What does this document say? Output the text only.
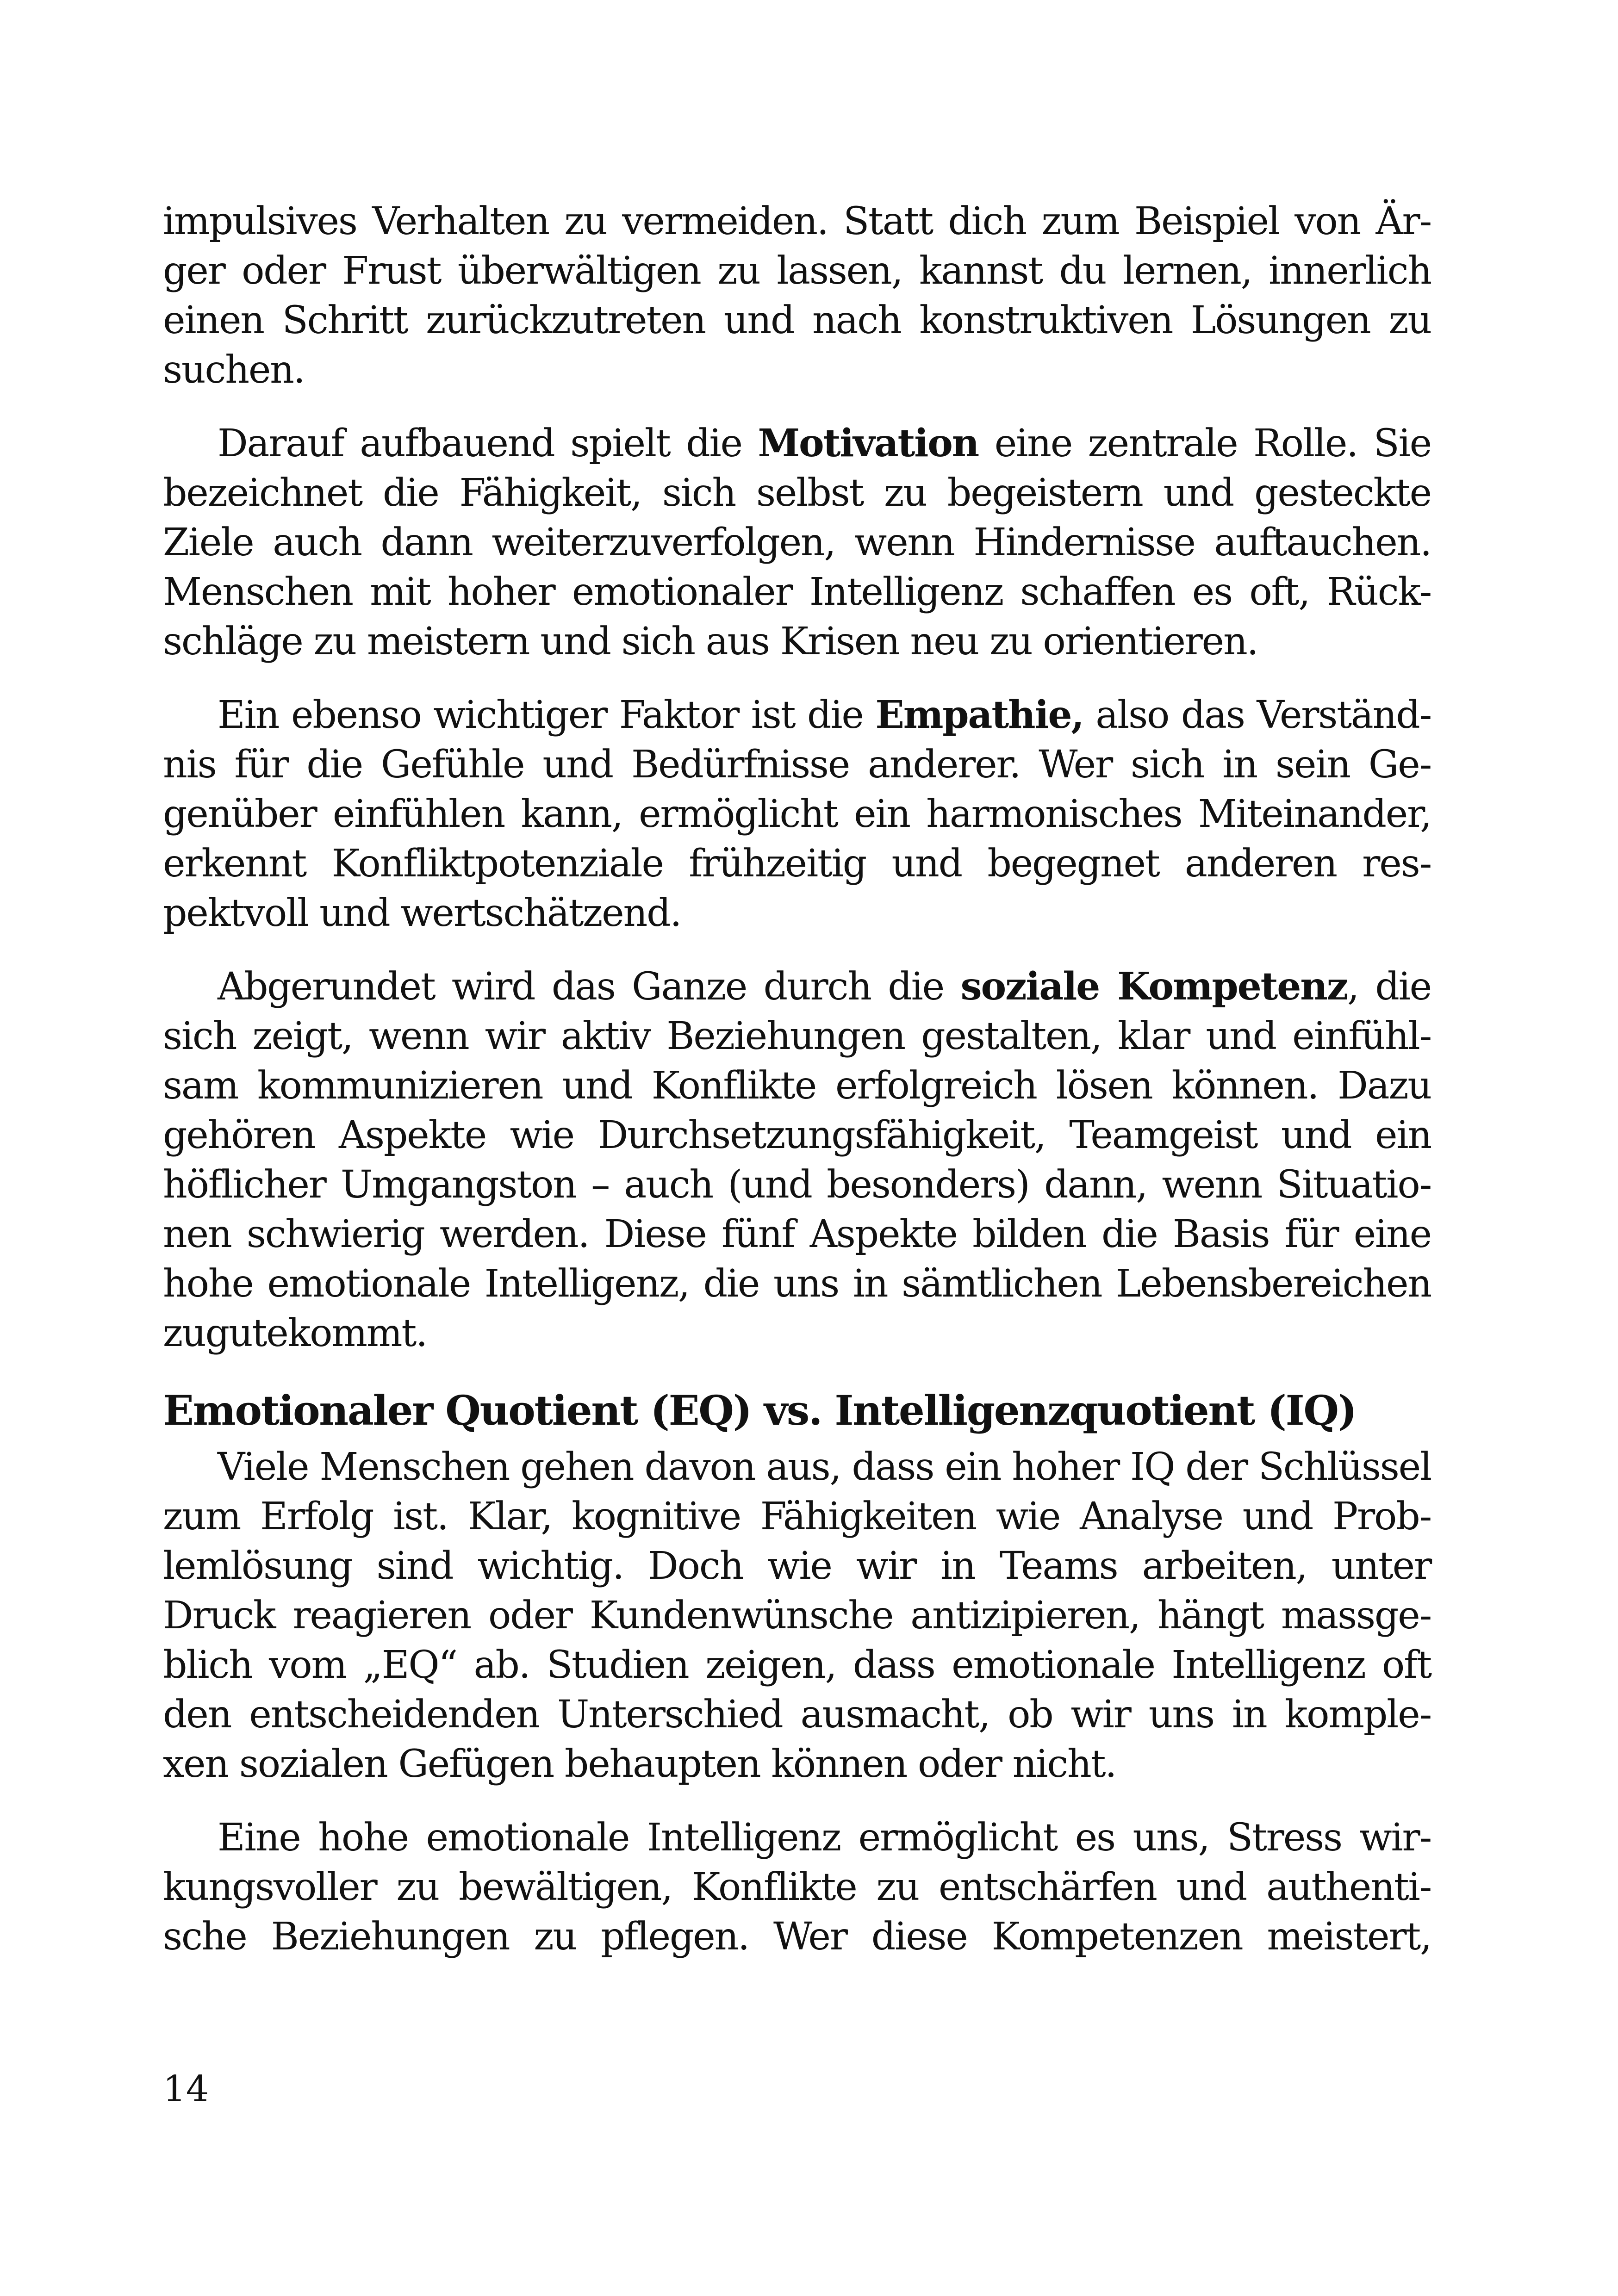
impulsives Verhalten zu vermeiden. Statt dich zum Beispiel von Är-
ger oder Frust überwältigen zu lassen, kannst du lernen, innerlich
einen Schritt zurückzutreten und nach konstruktiven Lösungen zu
suchen.
Darauf aufbauend spielt die Motivation eine zentrale Rolle. Sie
bezeichnet die Fähigkeit, sich selbst zu begeistern und gesteckte
Ziele auch dann weiterzuverfolgen, wenn Hindernisse auftauchen.
Menschen mit hoher emotionaler Intelligenz schaffen es oft, Rück-
schläge zu meistern und sich aus Krisen neu zu orientieren.
Ein ebenso wichtiger Faktor ist die Empathie, also das Verständ-
nis für die Gefühle und Bedürfnisse anderer. Wer sich in sein Ge-
genüber einfühlen kann, ermöglicht ein harmonisches Miteinander,
erkennt Konfliktpotenziale frühzeitig und begegnet anderen res-
pektvoll und wertschätzend.
Abgerundet wird das Ganze durch die soziale Kompetenz, die
sich zeigt, wenn wir aktiv Beziehungen gestalten, klar und einfühl-
sam kommunizieren und Konflikte erfolgreich lösen können. Dazu
gehören Aspekte wie Durchsetzungsfähigkeit, Teamgeist und ein
höflicher Umgangston – auch (und besonders) dann, wenn Situatio-
nen schwierig werden. Diese fünf Aspekte bilden die Basis für eine
hohe emotionale Intelligenz, die uns in sämtlichen Lebensbereichen
zugutekommt.
Emotionaler Quotient (EQ) vs. Intelligenzquotient (IQ)
Viele Menschen gehen davon aus, dass ein hoher IQ der Schlüssel
zum Erfolg ist. Klar, kognitive Fähigkeiten wie Analyse und Prob-
lemlösung sind wichtig. Doch wie wir in Teams arbeiten, unter
Druck reagieren oder Kundenwünsche antizipieren, hängt massge-
blich vom „EQ“ ab. Studien zeigen, dass emotionale Intelligenz oft
den entscheidenden Unterschied ausmacht, ob wir uns in komple-
xen sozialen Gefügen behaupten können oder nicht.
Eine hohe emotionale Intelligenz ermöglicht es uns, Stress wir-
kungsvoller zu bewältigen, Konflikte zu entschärfen und authenti-
sche Beziehungen zu pflegen. Wer diese Kompetenzen meistert,
14
